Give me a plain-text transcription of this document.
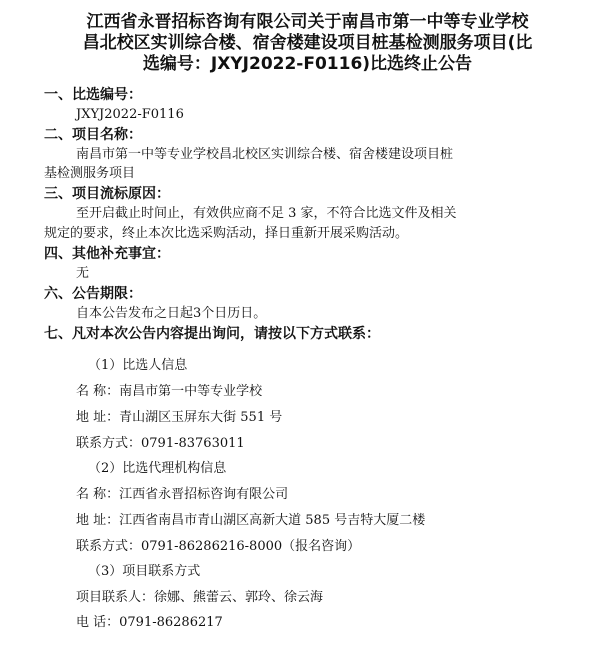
江西省永晋招标咨询有限公司关于南昌市第一中等专业学校
昌北校区实训综合楼、宿舍楼建设项目桩基检测服务项目(比
选编号：JXYJ2022-F0116)比选终止公告
一、比选编号：
JXYJ2022-F0116
二、项目名称：
南昌市第一中等专业学校昌北校区实训综合楼、宿舍楼建设项目桩
基检测服务项目
三、项目流标原因：
至开启截止时间止，有效供应商不足 3 家，不符合比选文件及相关
规定的要求，终止本次比选采购活动，择日重新开展采购活动。
四、其他补充事宜：
无
六、公告期限：
自本公告发布之日起3个日历日。
七、凡对本次公告内容提出询问，请按以下方式联系：
（1）比选人信息
名 称：南昌市第一中等专业学校
地 址：青山湖区玉屏东大街 551 号
联系方式：0791-83763011
（2）比选代理机构信息
名 称：江西省永晋招标咨询有限公司
地 址：江西省南昌市青山湖区高新大道 585 号吉特大厦二楼
联系方式：0791-86286216-8000（报名咨询）
（3）项目联系方式
项目联系人：徐娜、熊蕾云、郭玲、徐云海
电 话：0791-86286217
